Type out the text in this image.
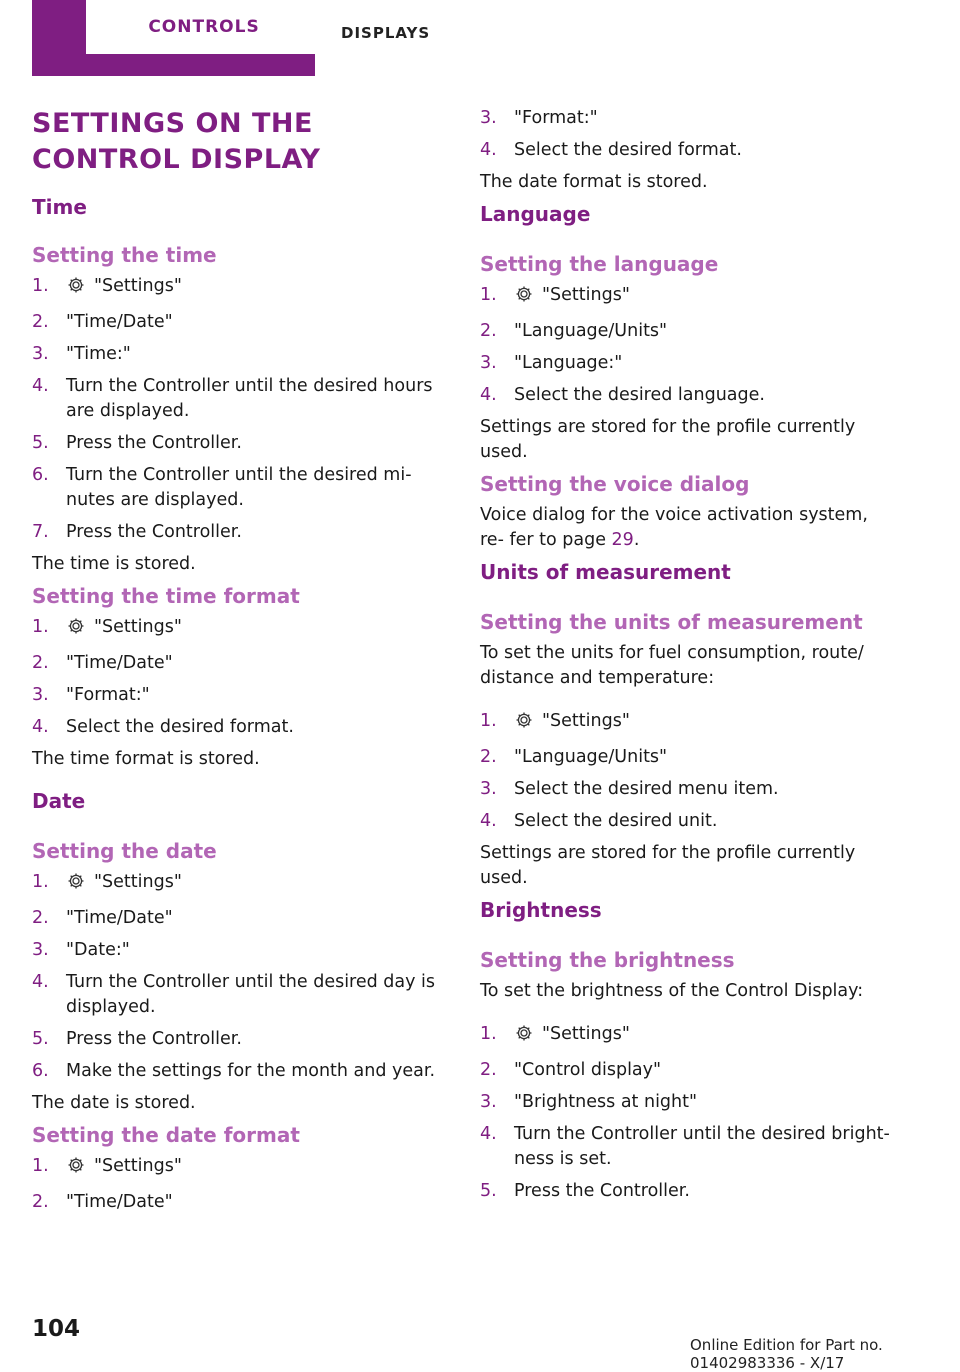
CONTROLS	DISPLAYS
SETTINGS ON THE CONTROL DISPLAY
Time
Setting the time
1.	"Settings"
2. "Time/Date"
3. "Time:"
4. Turn the Controller until the desired hours are displayed.
5. Press the Controller.
6. Turn the Controller until the desired mi‐ nutes are displayed.
7. Press the Controller.

The time is stored.

Setting the time format
1.	"Settings"
2. "Time/Date"
3. "Format:"
4. Select the desired format.

The time format is stored.

Date
Setting the date
1.	"Settings"
2. "Time/Date"
3. "Date:"
4. Turn the Controller until the desired day is displayed.
5. Press the Controller.
6. Make the settings for the month and year.

The date is stored.

Setting the date format
1.	"Settings"
2. "Time/Date"
3. "Format:"
4. Select the desired format.

The date format is stored.

Language
Setting the language
1.	"Settings"
2. "Language/Units"
3. "Language:"
4. Select the desired language.

Settings are stored for the profile currently used.

Setting the voice dialog

Voice dialog for the voice activation system, re‐ fer to page 29.

Units of measurement
Setting the units of measurement

To set the units for fuel consumption, route/ distance and temperature:

1.	"Settings"
2. "Language/Units"
3. Select the desired menu item.
4. Select the desired unit.

Settings are stored for the profile currently used.

Brightness
Setting the brightness

To set the brightness of the Control Display:

1.	"Settings"
2. "Control display"
3. "Brightness at night"
4. Turn the Controller until the desired bright‐ ness is set.
5. Press the Controller.
104
Online Edition for Part no. 01402983336 - X/17
